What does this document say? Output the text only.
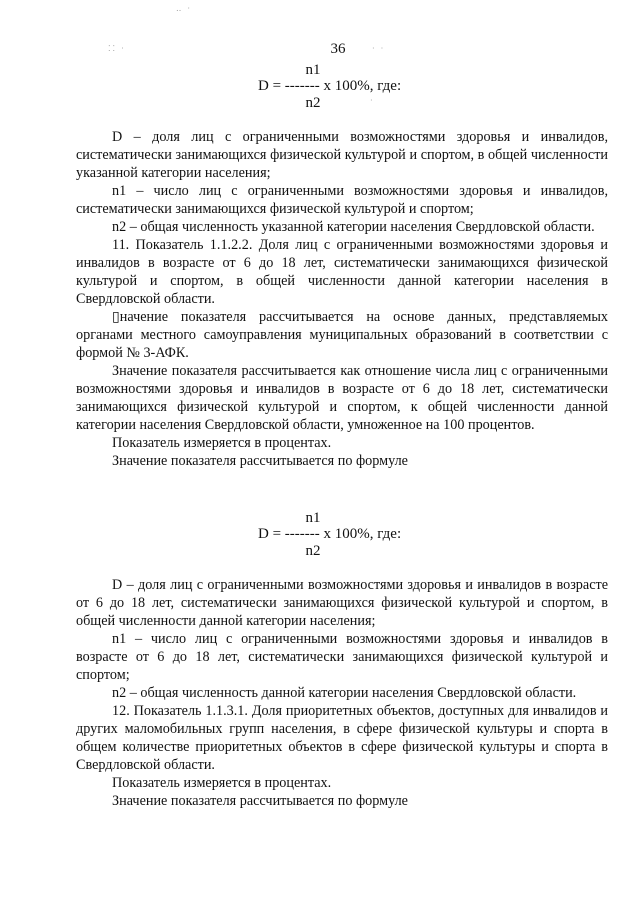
‥ ·
⁚⁚ ·	· ·
·
36
n1
D = ------- x 100%, где:
n2

D – доля лиц с ограниченными возможностями здоровья и инвалидов, систематически занимающихся физической культурой и спортом, в общей численности указанной категории населения;

n1 – число лиц с ограниченными возможностями здоровья и инвалидов, систематически занимающихся физической культурой и спортом;

n2 – общая численность указанной категории населения Свердловской области.

11. Показатель 1.1.2.2. Доля лиц с ограниченными возможностями здоровья и инвалидов в возрасте от 6 до 18 лет, систематически занимающихся физической культурой и спортом, в общей численности данной категории населения в Свердловской области.

▯начение показателя рассчитывается на основе данных, представляемых органами местного самоуправления муниципальных образований в соответствии с формой № 3-АФК.

Значение показателя рассчитывается как отношение числа лиц с ограниченными возможностями здоровья и инвалидов в возрасте от 6 до 18 лет, систематически занимающихся физической культурой и спортом, к общей численности данной категории населения Свердловской области, умноженное на 100 процентов.

Показатель измеряется в процентах.

Значение показателя рассчитывается по формуле

n1
D = ------- x 100%, где:
n2

D – доля лиц с ограниченными возможностями здоровья и инвалидов в возрасте от 6 до 18 лет, систематически занимающихся физической культурой и спортом, в общей численности данной категории населения;

n1 – число лиц с ограниченными возможностями здоровья и инвалидов в возрасте от 6 до 18 лет, систематически занимающихся физической культурой и спортом;

n2 – общая численность данной категории населения Свердловской области.

12. Показатель 1.1.3.1. Доля приоритетных объектов, доступных для инвалидов и других маломобильных групп населения, в сфере физической культуры и спорта в общем количестве приоритетных объектов в сфере физической культуры и спорта в Свердловской области.

Показатель измеряется в процентах.

Значение показателя рассчитывается по формуле
